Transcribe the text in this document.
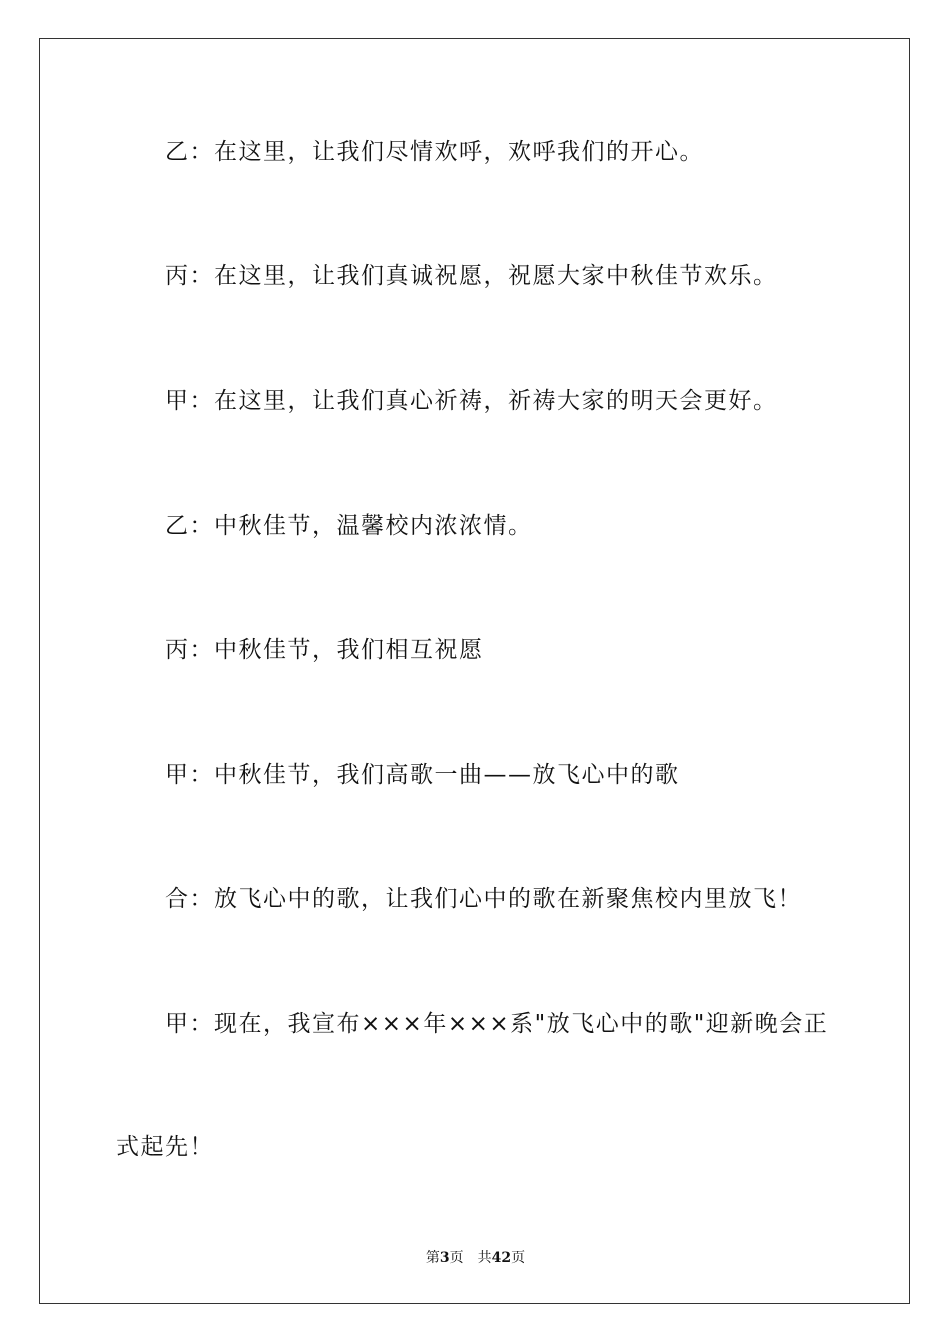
乙：在这里，让我们尽情欢呼，欢呼我们的开心。
丙：在这里，让我们真诚祝愿，祝愿大家中秋佳节欢乐。
甲：在这里，让我们真心祈祷，祈祷大家的明天会更好。
乙：中秋佳节，温馨校内浓浓情。
丙：中秋佳节，我们相互祝愿
甲：中秋佳节，我们高歌一曲——放飞心中的歌
合：放飞心中的歌，让我们心中的歌在新聚焦校内里放飞！
甲：现在，我宣布×××年×××系"放飞心中的歌"迎新晚会正
式起先！
第3页 共42页
